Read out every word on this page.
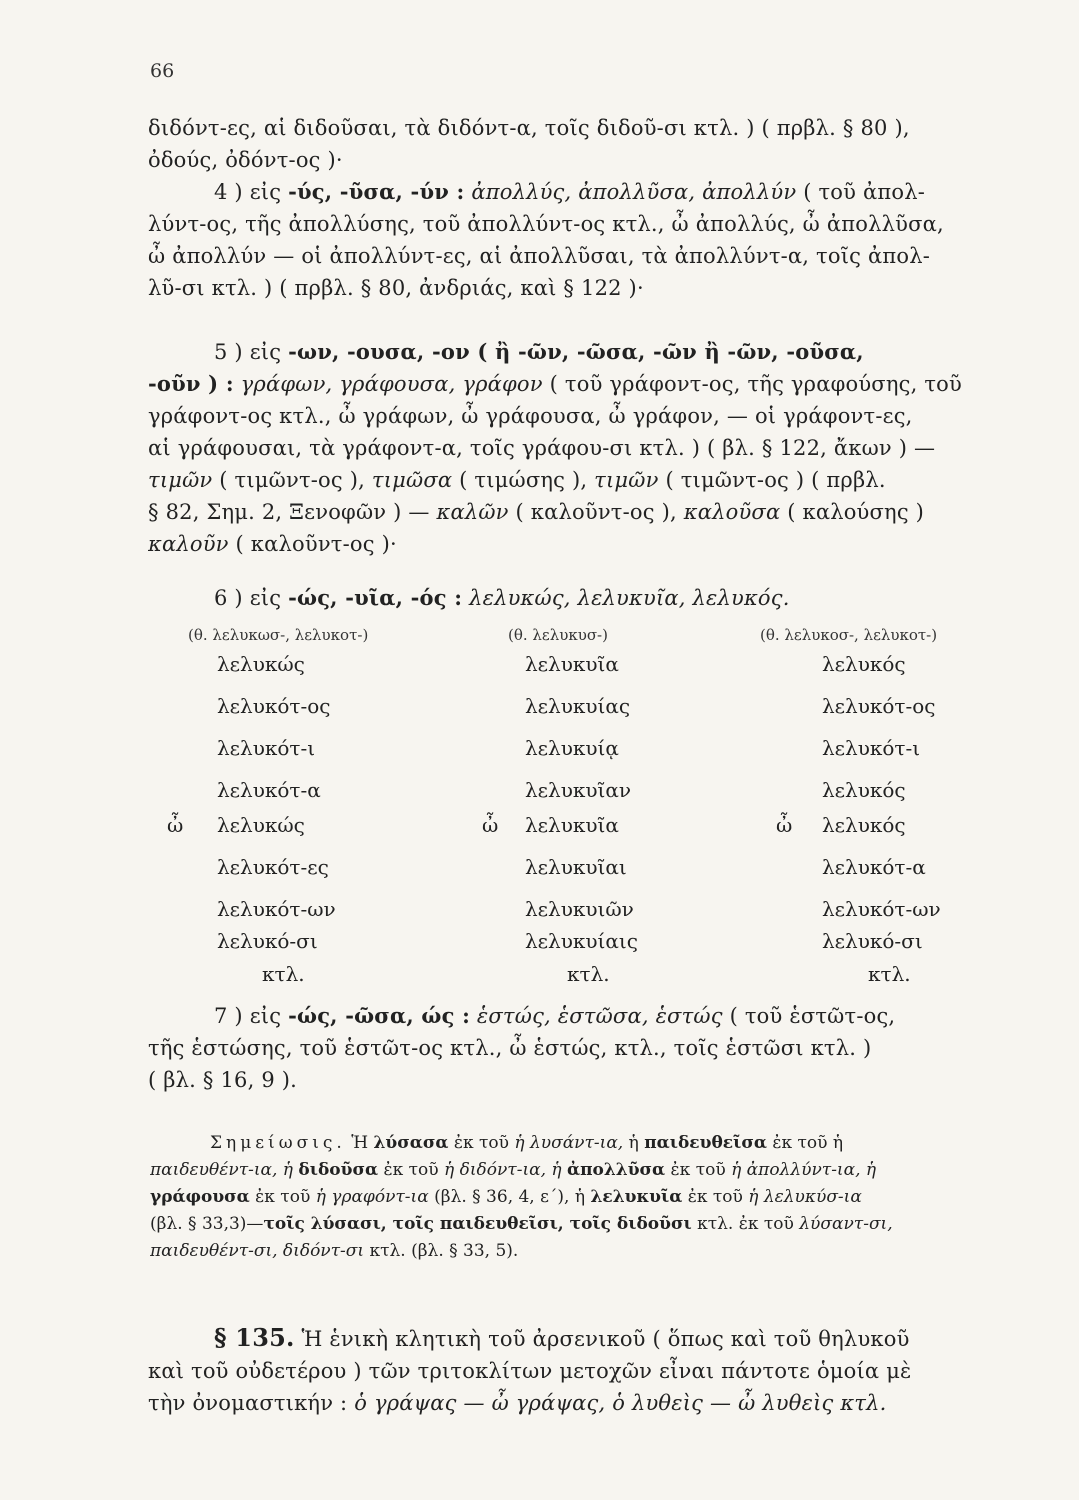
66
διδόντ-ες, αἱ διδοῦσαι, τὰ διδόντ-α, τοῖς διδοῦ-σι κτλ. ) ( πρβλ. § 80 ),
ὀδούς, ὀδόντ-ος )·
4 ) εἰς -ύς, -ῦσα, -ύν : ἀπολλύς, ἀπολλῦσα, ἀπολλύν ( τοῦ ἀπολ-
λύντ-ος, τῆς ἀπολλύσης, τοῦ ἀπολλύντ-ος κτλ., ὦ ἀπολλύς, ὦ ἀπολλῦσα,
ὦ ἀπολλύν — οἱ ἀπολλύντ-ες, αἱ ἀπολλῦσαι, τὰ ἀπολλύντ-α, τοῖς ἀπολ-
λῦ-σι κτλ. ) ( πρβλ. § 80, ἀνδριάς, καὶ § 122 )·
5 ) εἰς -ων, -ουσα, -ον ( ἢ -ῶν, -ῶσα, -ῶν ἢ -ῶν, -οῦσα,
-οῦν ) : γράφων, γράφουσα, γράφον ( τοῦ γράφοντ-ος, τῆς γραφούσης, τοῦ
γράφοντ-ος κτλ., ὦ γράφων, ὦ γράφουσα, ὦ γράφον, — οἱ γράφοντ-ες,
αἱ γράφουσαι, τὰ γράφοντ-α, τοῖς γράφου-σι κτλ. ) ( βλ. § 122, ἄκων ) —
τιμῶν ( τιμῶντ-ος ), τιμῶσα ( τιμώσης ), τιμῶν ( τιμῶντ-ος ) ( πρβλ.
§ 82, Σημ. 2, Ξενοφῶν ) — καλῶν ( καλοῦντ-ος ), καλοῦσα ( καλούσης )
καλοῦν ( καλοῦντ-ος )·
6 ) εἰς -ώς, -υῖα, -ός : λελυκώς, λελυκυῖα, λελυκός.
(θ. λελυκωσ-, λελυκοτ-)	(θ. λελυκυσ-)	(θ. λελυκοσ-, λελυκοτ-)
λελυκώς
λελυκότ-ος
λελυκότ-ι
λελυκότ-α
ὦ λελυκώς
λελυκότ-ες
λελυκότ-ων
λελυκό-σι
κτλ.
λελυκυῖα
λελυκυίας
λελυκυίᾳ
λελυκυῖαν
ὦ λελυκυῖα
λελυκυῖαι
λελυκυιῶν
λελυκυίαις
κτλ.
λελυκός
λελυκότ-ος
λελυκότ-ι
λελυκός
ὦ λελυκός
λελυκότ-α
λελυκότ-ων
λελυκό-σι
κτλ.
7 ) εἰς -ώς, -ῶσα, ώς : ἑστώς, ἑστῶσα, ἑστώς ( τοῦ ἑστῶτ-ος,
τῆς ἑστώσης, τοῦ ἑστῶτ-ος κτλ., ὦ ἑστώς, κτλ., τοῖς ἑστῶσι κτλ. )
( βλ. § 16, 9 ).
Σημείωσις. Ἡ λύσασα ἐκ τοῦ ἡ λυσάντ-ια, ἡ παιδευθεῖσα ἐκ τοῦ ἡ
παιδευθέντ-ια, ἡ διδοῦσα ἐκ τοῦ ἡ διδόντ-ια, ἡ ἀπολλῦσα ἐκ τοῦ ἡ ἀπολλύντ-ια, ἡ
γράφουσα ἐκ τοῦ ἡ γραφόντ-ια (βλ. § 36, 4, ε΄), ἡ λελυκυῖα ἐκ τοῦ ἡ λελυκύσ-ια
(βλ. § 33,3)—τοῖς λύσασι, τοῖς παιδευθεῖσι, τοῖς διδοῦσι κτλ. ἐκ τοῦ λύσαντ-σι,
παιδευθέντ-σι, διδόντ-σι κτλ. (βλ. § 33, 5).
§ 135. Ἡ ἑνικὴ κλητικὴ τοῦ ἀρσενικοῦ ( ὅπως καὶ τοῦ θηλυκοῦ
καὶ τοῦ οὐδετέρου ) τῶν τριτοκλίτων μετοχῶν εἶναι πάντοτε ὁμοία μὲ
τὴν ὀνομαστικήν : ὁ γράψας — ὦ γράψας, ὁ λυθεὶς — ὦ λυθεὶς κτλ.
